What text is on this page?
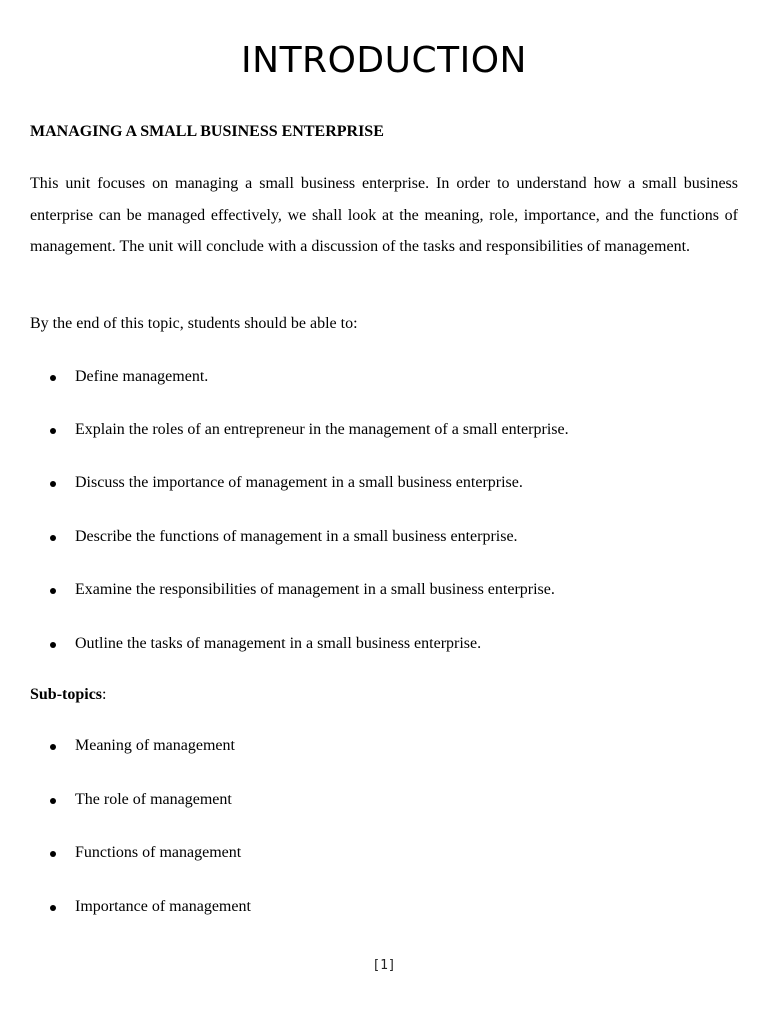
INTRODUCTION
MANAGING A SMALL BUSINESS ENTERPRISE

This unit focuses on managing a small business enterprise. In order to understand how a small business enterprise can be managed effectively, we shall look at the meaning, role, importance, and the functions of management. The unit will conclude with a discussion of the tasks and responsibilities of management.

By the end of this topic, students should be able to:

Define management.
Explain the roles of an entrepreneur in the management of a small enterprise.
Discuss the importance of management in a small business enterprise.
Describe the functions of management in a small business enterprise.
Examine the responsibilities of management in a small business enterprise.
Outline the tasks of management in a small business enterprise.

Sub-topics:

Meaning of management
The role of management
Functions of management
Importance of management
[1]
